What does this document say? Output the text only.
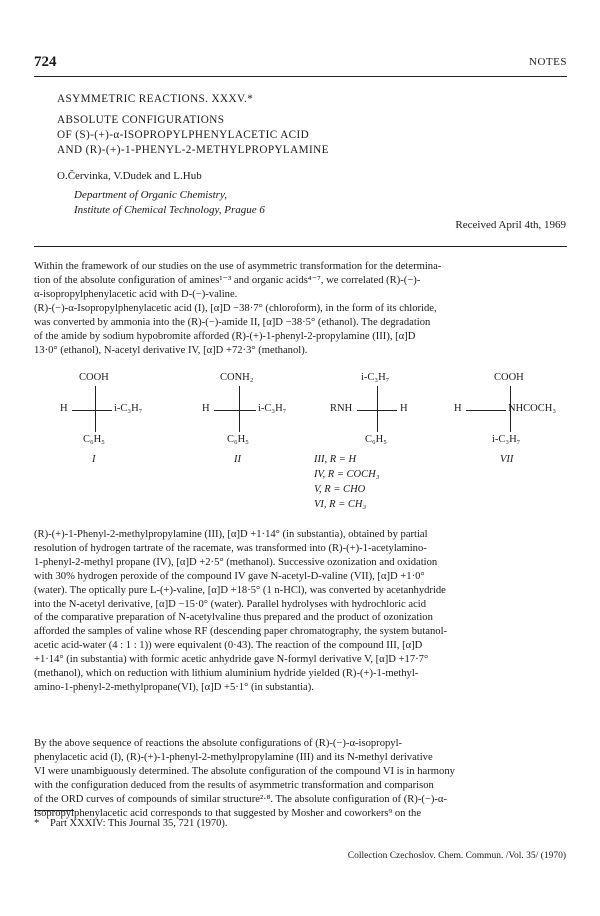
724	NOTES
ASYMMETRIC REACTIONS. XXXV.*
ABSOLUTE CONFIGURATIONS
OF (S)-(+)-α-ISOPROPYLPHENYLACETIC ACID
AND (R)-(+)-1-PHENYL-2-METHYLPROPYLAMINE
O.Červinka, V.Dudek and L.Hub
Department of Organic Chemistry,
Institute of Chemical Technology, Prague 6
Received April 4th, 1969
Within the framework of our studies on the use of asymmetric transformation for the determina-
tion of the absolute configuration of amines¹⁻³ and organic acids⁴⁻⁷, we correlated (R)-(−)-
α-isopropylphenylacetic acid with D-(−)-valine.
(R)-(−)-α-Isopropylphenylacetic acid (I), [α]D −38·7° (chloroform), in the form of its chloride,
was converted by ammonia into the (R)-(−)-amide II, [α]D −38·5° (ethanol). The degradation
of the amide by sodium hypobromite afforded (R)-(+)-1-phenyl-2-propylamine (III), [α]D
13·0° (ethanol), N-acetyl derivative IV, [α]D +72·3° (methanol).
COOH
H	i-C₃H₇
C₆H₅
I
CONH₂
H	i-C₃H₇
C₆H₅
II
i-C₃H₇
RNH	H
C₆H₅
III, R = H
IV, R = COCH₃
V, R = CHO
VI, R = CH₃
COOH
H	NHCOCH₃
i-C₃H₇
VII
(R)-(+)-1-Phenyl-2-methylpropylamine (III), [α]D +1·14° (in substantia), obtained by partial
resolution of hydrogen tartrate of the racemate, was transformed into (R)-(+)-1-acetylamino-
1-phenyl-2-methyl propane (IV), [α]D +2·5° (methanol). Successive ozonization and oxidation
with 30% hydrogen peroxide of the compound IV gave N-acetyl-D-valine (VII), [α]D +1·0°
(water). The optically pure L-(+)-valine, [α]D +18·5° (1 n-HCl), was converted by acetanhydride
into the N-acetyl derivative, [α]D −15·0° (water). Parallel hydrolyses with hydrochloric acid
of the comparative preparation of N-acetylvaline thus prepared and the product of ozonization
afforded the samples of valine whose RF (descending paper chromatography, the system butanol-
acetic acid-water (4 : 1 : 1)) were equivalent (0·43). The reaction of the compound III, [α]D
+1·14° (in substantia) with formic acetic anhydride gave N-formyl derivative V, [α]D +17·7°
(methanol), which on reduction with lithium aluminium hydride yielded (R)-(+)-1-methyl-
amino-1-phenyl-2-methylpropane(VI), [α]D +5·1° (in substantia).
By the above sequence of reactions the absolute configurations of (R)-(−)-α-isopropyl-
phenylacetic acid (I), (R)-(+)-1-phenyl-2-methylpropylamine (III) and its N-methyl derivative
VI were unambiguously determined. The absolute configuration of the compound VI is in harmony
with the configuration deduced from the results of asymmetric transformation and comparison
of the ORD curves of compounds of similar structure²·⁸. The absolute configuration of (R)-(−)-α-
isopropylphenylacetic acid corresponds to that suggested by Mosher and coworkers⁹ on the
* Part XXXIV: This Journal 35, 721 (1970).
Collection Czechoslov. Chem. Commun. /Vol. 35/ (1970)
